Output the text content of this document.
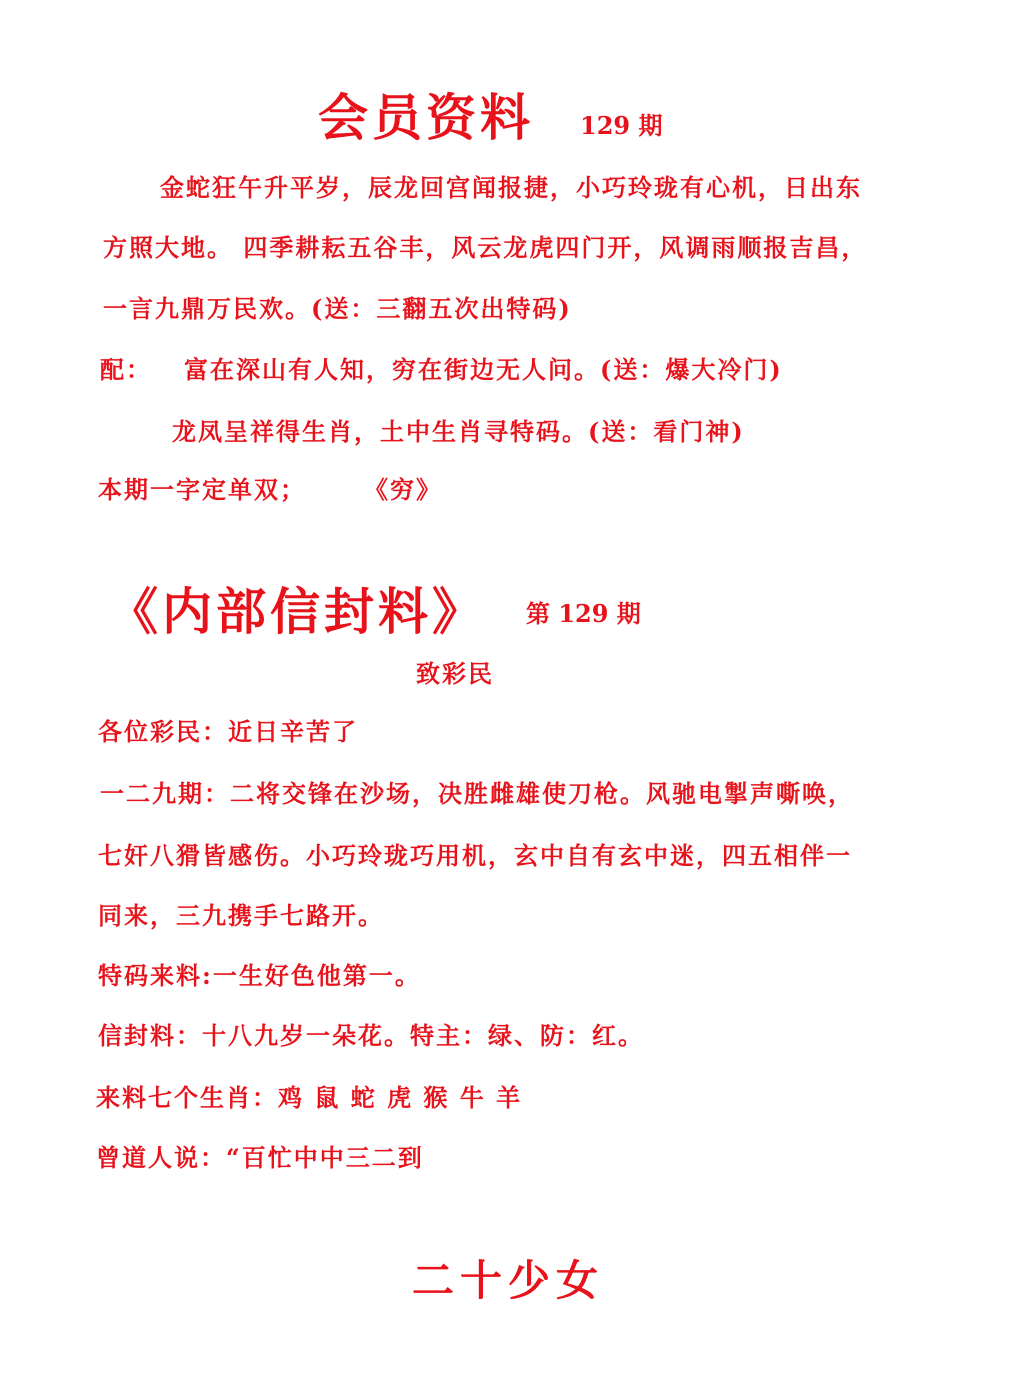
会员资料 129 期
金蛇狂午升平岁，辰龙回宫闻报捷，小巧玲珑有心机，日出东
方照大地。 四季耕耘五谷丰，风云龙虎四门开，风调雨顺报吉昌，
一言九鼎万民欢。(送：三翻五次出特码)
配： 富在深山有人知，穷在街边无人问。(送：爆大冷门)
龙凤呈祥得生肖，土中生肖寻特码。(送：看门神)
本期一字定单双； 《穷》
《内部信封料》 第 129 期
致彩民
各位彩民：近日辛苦了
一二九期：二将交锋在沙场，决胜雌雄使刀枪。风驰电掣声嘶唤，
七奸八猾皆感伤。小巧玲珑巧用机，玄中自有玄中迷，四五相伴一
同来，三九携手七路开。
特码来料:一生好色他第一。
信封料：十八九岁一朵花。特主：绿、防：红。
来料七个生肖：鸡 鼠 蛇 虎 猴 牛 羊
曾道人说：“百忙中中三二到
二十少女
